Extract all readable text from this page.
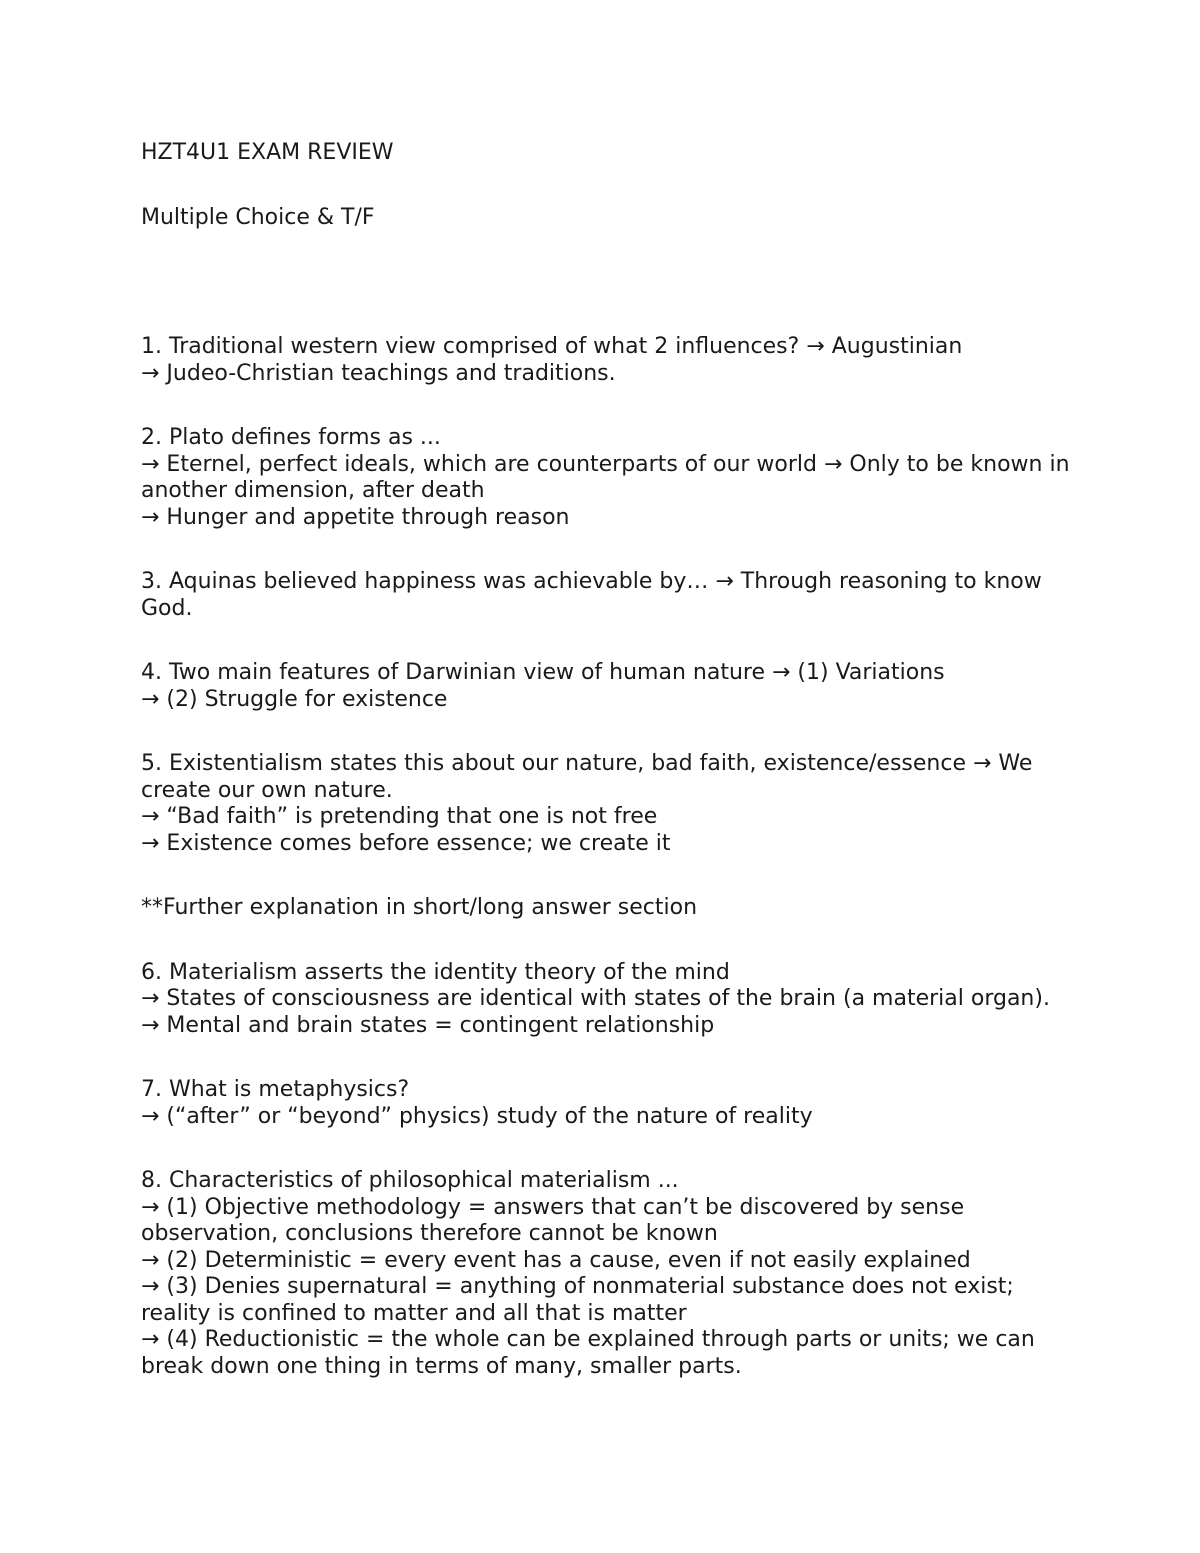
HZT4U1 EXAM REVIEW
Multiple Choice & T/F
1. Traditional western view comprised of what 2 influences? → Augustinian
→ Judeo-Christian teachings and traditions.
2. Plato defines forms as ...
→ Eternel, perfect ideals, which are counterparts of our world → Only to be known in another dimension, after death
→ Hunger and appetite through reason
3. Aquinas believed happiness was achievable by… → Through reasoning to know God.
4. Two main features of Darwinian view of human nature → (1) Variations
→ (2) Struggle for existence
5. Existentialism states this about our nature, bad faith, existence/essence → We create our own nature.
→ “Bad faith” is pretending that one is not free
→ Existence comes before essence; we create it
**Further explanation in short/long answer section
6. Materialism asserts the identity theory of the mind
→ States of consciousness are identical with states of the brain (a material organ). → Mental and brain states = contingent relationship
7. What is metaphysics?
→ (“after” or “beyond” physics) study of the nature of reality
8. Characteristics of philosophical materialism ...
→ (1) Objective methodology = answers that can’t be discovered by sense observation, conclusions therefore cannot be known
→ (2) Deterministic = every event has a cause, even if not easily explained
→ (3) Denies supernatural = anything of nonmaterial substance does not exist; reality is confined to matter and all that is matter
→ (4) Reductionistic = the whole can be explained through parts or units; we can break down one thing in terms of many, smaller parts.
